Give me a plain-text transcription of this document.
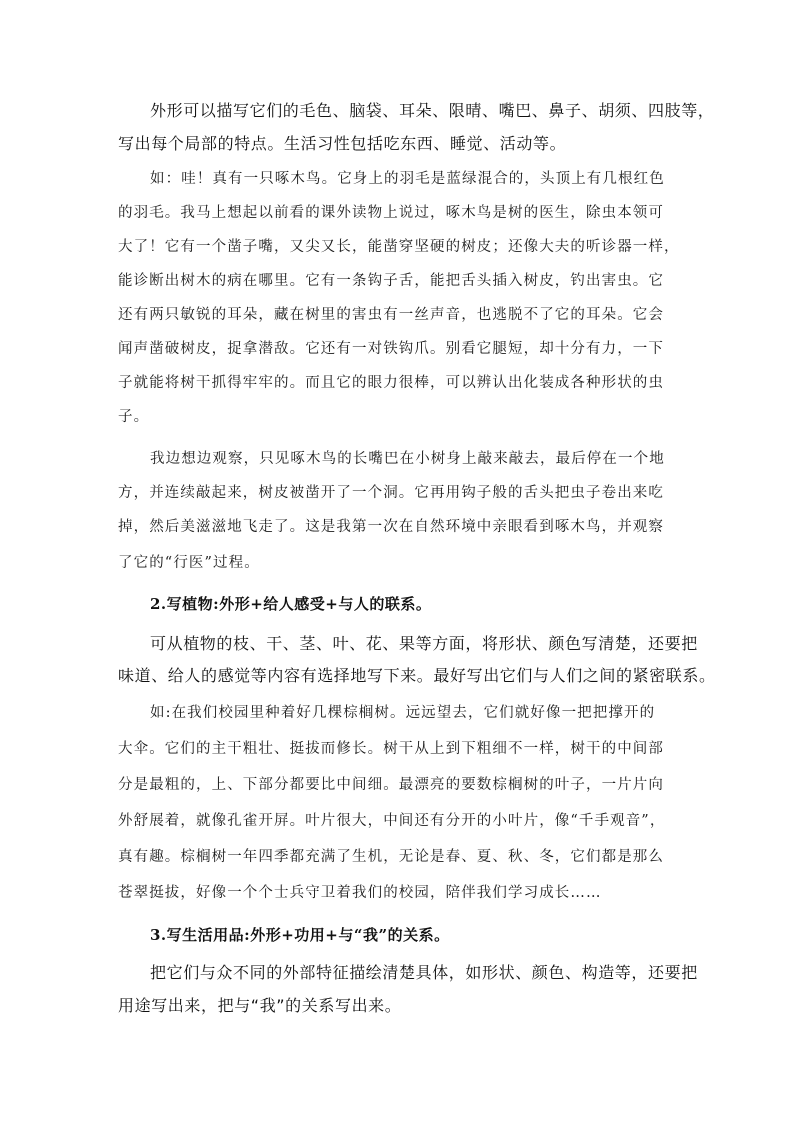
外形可以描写它们的毛色、脑袋、耳朵、限晴、嘴巴、鼻子、胡须、四肢等，
写出每个局部的特点。生活习性包括吃东西、睡觉、活动等。
如：哇！真有一只啄木鸟。它身上的羽毛是蓝绿混合的，头顶上有几根红色
的羽毛。我马上想起以前看的课外读物上说过，啄木鸟是树的医生，除虫本领可
大了！它有一个凿子嘴，又尖又长，能凿穿坚硬的树皮；还像大夫的听诊器一样，
能诊断出树木的病在哪里。它有一条钩子舌，能把舌头插入树皮，钓出害虫。它
还有两只敏锐的耳朵，藏在树里的害虫有一丝声音，也逃脱不了它的耳朵。它会
闻声凿破树皮，捉拿潜敌。它还有一对铁钩爪。别看它腿短，却十分有力，一下
子就能将树干抓得牢牢的。而且它的眼力很棒，可以辨认出化装成各种形状的虫
子。
我边想边观察，只见啄木鸟的长嘴巴在小树身上敲来敲去，最后停在一个地
方，并连续敲起来，树皮被凿开了一个洞。它再用钩子般的舌头把虫子卷出来吃
掉，然后美滋滋地飞走了。这是我第一次在自然环境中亲眼看到啄木鸟，并观察
了它的“行医”过程。
2.写植物:外形+给人感受+与人的联系。
可从植物的枝、干、茎、叶、花、果等方面，将形状、颜色写清楚，还要把
味道、给人的感觉等内容有选择地写下来。最好写出它们与人们之间的紧密联系。
如:在我们校园里种着好几棵棕榈树。远远望去，它们就好像一把把撑开的
大伞。它们的主干粗壮、挺拔而修长。树干从上到下粗细不一样，树干的中间部
分是最粗的，上、下部分都要比中间细。最漂亮的要数棕榈树的叶子，一片片向
外舒展着，就像孔雀开屏。叶片很大，中间还有分开的小叶片，像“千手观音”，
真有趣。棕榈树一年四季都充满了生机，无论是春、夏、秋、冬，它们都是那么
苍翠挺拔，好像一个个士兵守卫着我们的校园，陪伴我们学习成长……
3.写生活用品:外形+功用+与“我”的关系。
把它们与众不同的外部特征描绘清楚具体，如形状、颜色、构造等，还要把
用途写出来，把与“我”的关系写出来。
